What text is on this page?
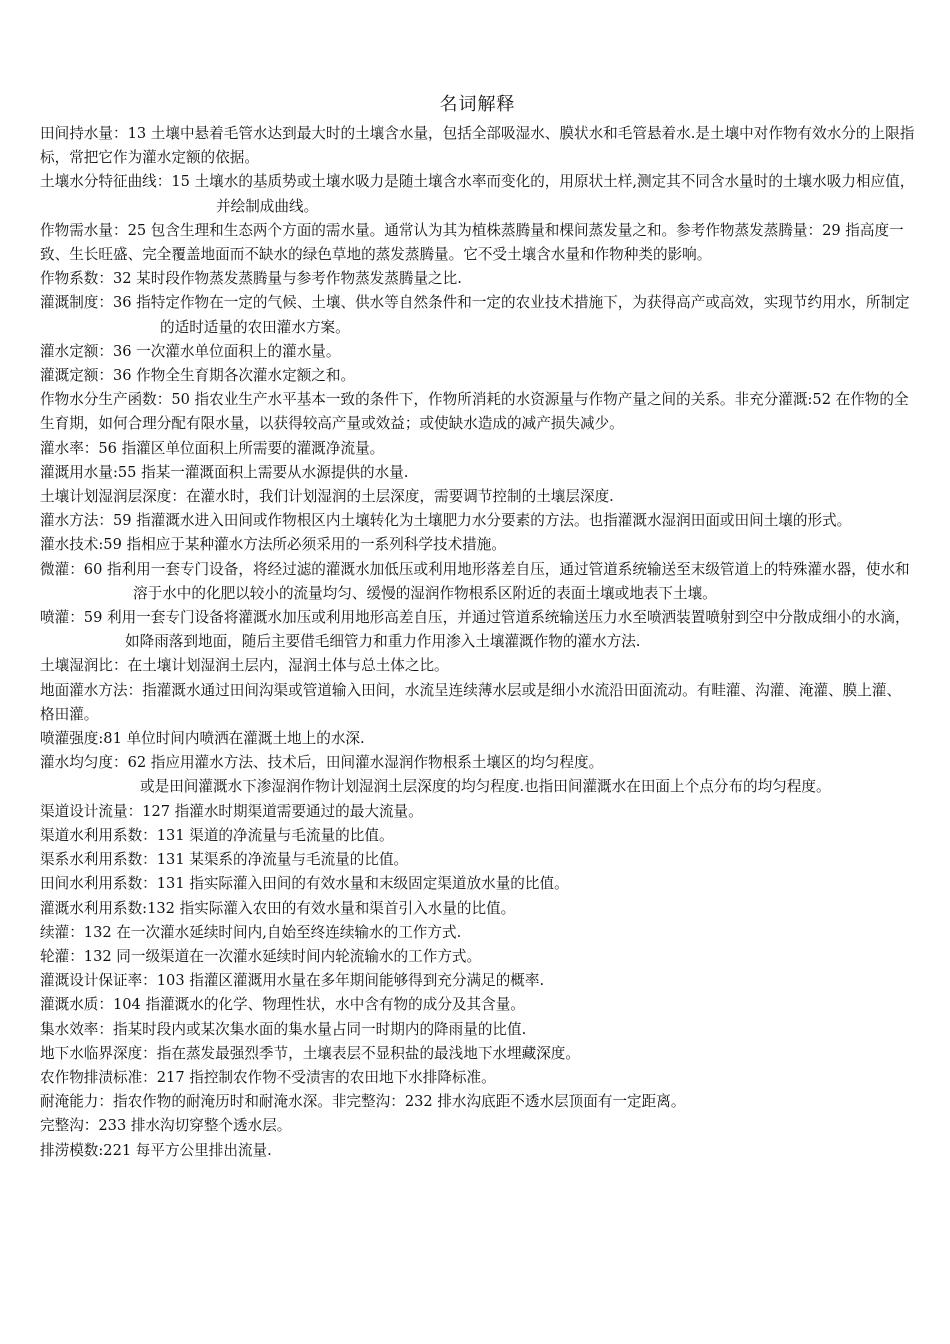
名词解释

田间持水量：13 土壤中悬着毛管水达到最大时的土壤含水量，包括全部吸湿水、膜状水和毛管悬着水.是土壤中对作物有效水分的上限指标，常把它作为灌水定额的依据。

土壤水分特征曲线：15 土壤水的基质势或土壤水吸力是随土壤含水率而变化的，用原状土样,测定其不同含水量时的土壤水吸力相应值，并绘制成曲线。

作物需水量：25 包含生理和生态两个方面的需水量。通常认为其为植株蒸腾量和棵间蒸发量之和。参考作物蒸发蒸腾量：29 指高度一致、生长旺盛、完全覆盖地面而不缺水的绿色草地的蒸发蒸腾量。它不受土壤含水量和作物种类的影响。

作物系数：32 某时段作物蒸发蒸腾量与参考作物蒸发蒸腾量之比.

灌溉制度：36 指特定作物在一定的气候、土壤、供水等自然条件和一定的农业技术措施下，为获得高产或高效，实现节约用水，所制定的适时适量的农田灌水方案。

灌水定额：36 一次灌水单位面积上的灌水量。

灌溉定额：36 作物全生育期各次灌水定额之和。

作物水分生产函数：50 指农业生产水平基本一致的条件下，作物所消耗的水资源量与作物产量之间的关系。非充分灌溉:52 在作物的全生育期，如何合理分配有限水量，以获得较高产量或效益；或使缺水造成的减产损失减少。

灌水率：56 指灌区单位面积上所需要的灌溉净流量。

灌溉用水量:55 指某一灌溉面积上需要从水源提供的水量.

土壤计划湿润层深度：在灌水时，我们计划湿润的土层深度，需要调节控制的土壤层深度.

灌水方法：59 指灌溉水进入田间或作物根区内土壤转化为土壤肥力水分要素的方法。也指灌溉水湿润田面或田间土壤的形式。

灌水技术:59 指相应于某种灌水方法所必须采用的一系列科学技术措施。

微灌：60 指利用一套专门设备，将经过滤的灌溉水加低压或利用地形落差自压，通过管道系统输送至末级管道上的特殊灌水器，使水和溶于水中的化肥以较小的流量均匀、缓慢的湿润作物根系区附近的表面土壤或地表下土壤。

喷灌：59 利用一套专门设备将灌溉水加压或利用地形高差自压，并通过管道系统输送压力水至喷洒装置喷射到空中分散成细小的水滴，如降雨落到地面，随后主要借毛细管力和重力作用渗入土壤灌溉作物的灌水方法.

土壤湿润比：在土壤计划湿润土层内，湿润土体与总土体之比。

地面灌水方法：指灌溉水通过田间沟渠或管道输入田间，水流呈连续薄水层或是细小水流沿田面流动。有畦灌、沟灌、淹灌、膜上灌、格田灌。

喷灌强度:81 单位时间内喷洒在灌溉土地上的水深.

灌水均匀度：62 指应用灌水方法、技术后，田间灌水湿润作物根系土壤区的均匀程度。

或是田间灌溉水下渗湿润作物计划湿润土层深度的均匀程度.也指田间灌溉水在田面上个点分布的均匀程度。

渠道设计流量：127 指灌水时期渠道需要通过的最大流量。

渠道水利用系数：131 渠道的净流量与毛流量的比值。

渠系水利用系数：131 某渠系的净流量与毛流量的比值。

田间水利用系数：131 指实际灌入田间的有效水量和末级固定渠道放水量的比值。

灌溉水利用系数:132 指实际灌入农田的有效水量和渠首引入水量的比值。

续灌：132 在一次灌水延续时间内,自始至终连续输水的工作方式.

轮灌：132 同一级渠道在一次灌水延续时间内轮流输水的工作方式。

灌溉设计保证率：103 指灌区灌溉用水量在多年期间能够得到充分满足的概率.

灌溉水质：104 指灌溉水的化学、物理性状，水中含有物的成分及其含量。

集水效率：指某时段内或某次集水面的集水量占同一时期内的降雨量的比值.

地下水临界深度：指在蒸发最强烈季节，土壤表层不显积盐的最浅地下水埋藏深度。

农作物排渍标准：217 指控制农作物不受渍害的农田地下水排降标准。

耐淹能力：指农作物的耐淹历时和耐淹水深。非完整沟：232 排水沟底距不透水层顶面有一定距离。

完整沟：233 排水沟切穿整个透水层。

排涝模数:221 每平方公里排出流量.
